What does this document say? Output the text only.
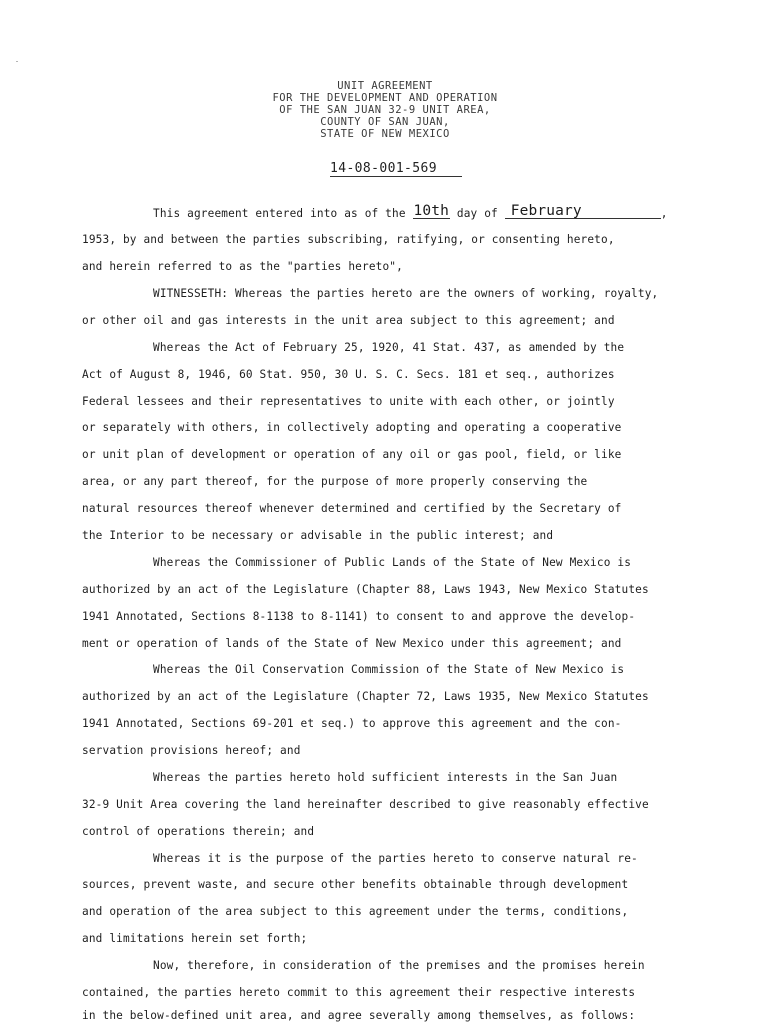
UNIT AGREEMENT
FOR THE DEVELOPMENT AND OPERATION
OF THE SAN JUAN 32-9 UNIT AREA,
COUNTY OF SAN JUAN,
STATE OF NEW MEXICO
14-08-001-569
This agreement entered into as of the 10th day of February	,
1953, by and between the parties subscribing, ratifying, or consenting hereto,
and herein referred to as the "parties hereto",
WITNESSETH: Whereas the parties hereto are the owners of working, royalty,
or other oil and gas interests in the unit area subject to this agreement; and
Whereas the Act of February 25, 1920, 41 Stat. 437, as amended by the
Act of August 8, 1946, 60 Stat. 950, 30 U. S. C. Secs. 181 et seq., authorizes
Federal lessees and their representatives to unite with each other, or jointly
or separately with others, in collectively adopting and operating a cooperative
or unit plan of development or operation of any oil or gas pool, field, or like
area, or any part thereof, for the purpose of more properly conserving the
natural resources thereof whenever determined and certified by the Secretary of
the Interior to be necessary or advisable in the public interest; and
Whereas the Commissioner of Public Lands of the State of New Mexico is
authorized by an act of the Legislature (Chapter 88, Laws 1943, New Mexico Statutes
1941 Annotated, Sections 8-1138 to 8-1141) to consent to and approve the develop-
ment or operation of lands of the State of New Mexico under this agreement; and
Whereas the Oil Conservation Commission of the State of New Mexico is
authorized by an act of the Legislature (Chapter 72, Laws 1935, New Mexico Statutes
1941 Annotated, Sections 69-201 et seq.) to approve this agreement and the con-
servation provisions hereof; and
Whereas the parties hereto hold sufficient interests in the San Juan
32-9 Unit Area covering the land hereinafter described to give reasonably effective
control of operations therein; and
Whereas it is the purpose of the parties hereto to conserve natural re-
sources, prevent waste, and secure other benefits obtainable through development
and operation of the area subject to this agreement under the terms, conditions,
and limitations herein set forth;
Now, therefore, in consideration of the premises and the promises herein
contained, the parties hereto commit to this agreement their respective interests
in the below-defined unit area, and agree severally among themselves, as follows:
